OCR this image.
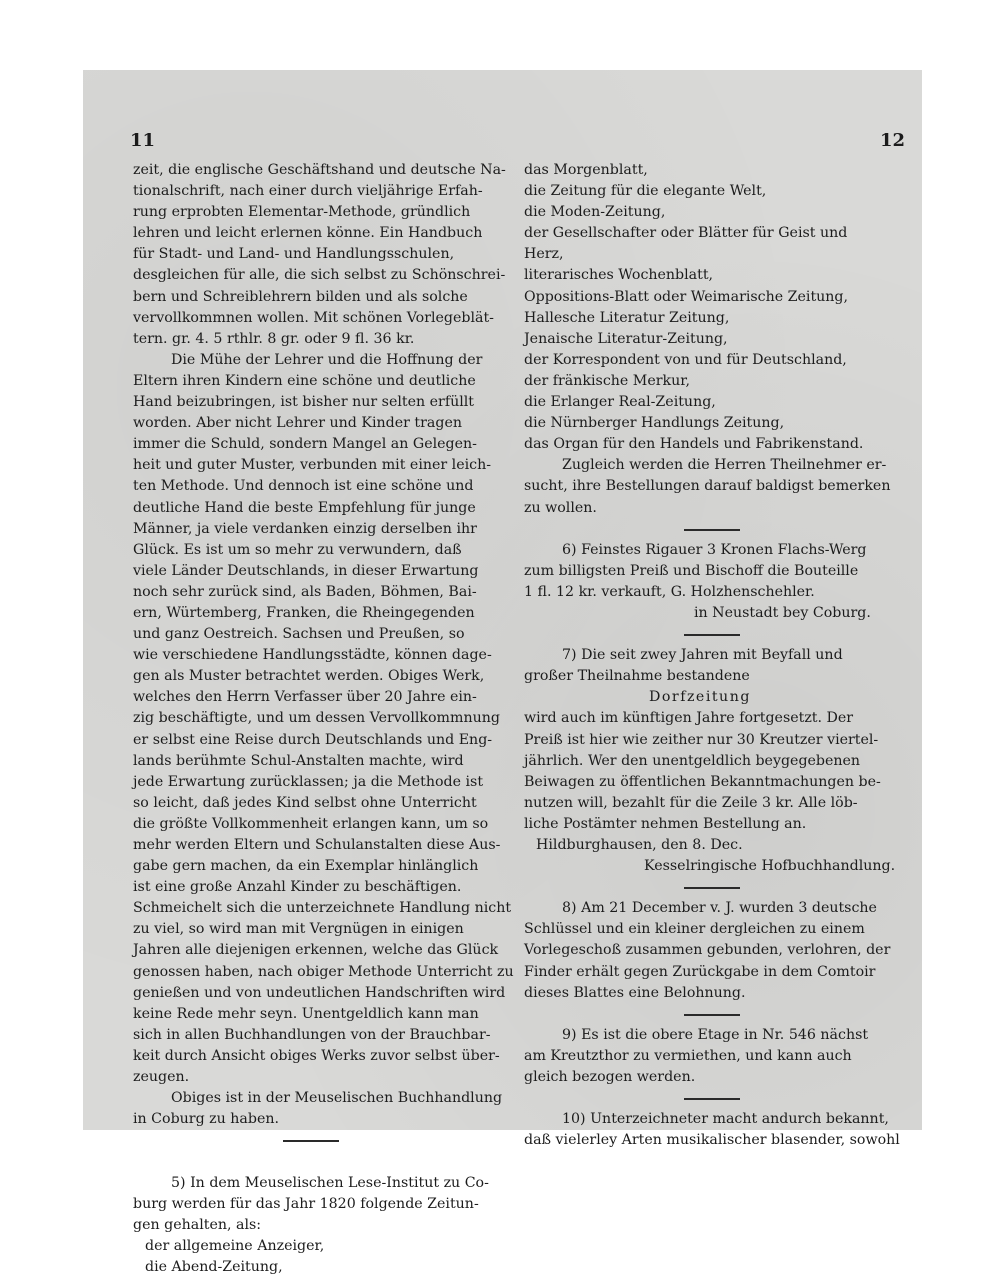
11	12
zeit, die englische Geschäftshand und deutsche Na-
tionalschrift, nach einer durch vieljährige Erfah-
rung erprobten Elementar-Methode, gründlich
lehren und leicht erlernen könne. Ein Handbuch
für Stadt- und Land- und Handlungsschulen,
desgleichen für alle, die sich selbst zu Schönschrei-
bern und Schreiblehrern bilden und als solche
vervollkommnen wollen. Mit schönen Vorlegeblät-
tern. gr. 4. 5 rthlr. 8 gr. oder 9 fl. 36 kr.
Die Mühe der Lehrer und die Hoffnung der
Eltern ihren Kindern eine schöne und deutliche
Hand beizubringen, ist bisher nur selten erfüllt
worden. Aber nicht Lehrer und Kinder tragen
immer die Schuld, sondern Mangel an Gelegen-
heit und guter Muster, verbunden mit einer leich-
ten Methode. Und dennoch ist eine schöne und
deutliche Hand die beste Empfehlung für junge
Männer, ja viele verdanken einzig derselben ihr
Glück. Es ist um so mehr zu verwundern, daß
viele Länder Deutschlands, in dieser Erwartung
noch sehr zurück sind, als Baden, Böhmen, Bai-
ern, Würtemberg, Franken, die Rheingegenden
und ganz Oestreich. Sachsen und Preußen, so
wie verschiedene Handlungsstädte, können dage-
gen als Muster betrachtet werden. Obiges Werk,
welches den Herrn Verfasser über 20 Jahre ein-
zig beschäftigte, und um dessen Vervollkommnung
er selbst eine Reise durch Deutschlands und Eng-
lands berühmte Schul-Anstalten machte, wird
jede Erwartung zurücklassen; ja die Methode ist
so leicht, daß jedes Kind selbst ohne Unterricht
die größte Vollkommenheit erlangen kann, um so
mehr werden Eltern und Schulanstalten diese Aus-
gabe gern machen, da ein Exemplar hinlänglich
ist eine große Anzahl Kinder zu beschäftigen.
Schmeichelt sich die unterzeichnete Handlung nicht
zu viel, so wird man mit Vergnügen in einigen
Jahren alle diejenigen erkennen, welche das Glück
genossen haben, nach obiger Methode Unterricht zu
genießen und von undeutlichen Handschriften wird
keine Rede mehr seyn. Unentgeldlich kann man
sich in allen Buchhandlungen von der Brauchbar-
keit durch Ansicht obiges Werks zuvor selbst über-
zeugen.
Obiges ist in der Meuselischen Buchhandlung
in Coburg zu haben.
5) In dem Meuselischen Lese-Institut zu Co-
burg werden für das Jahr 1820 folgende Zeitun-
gen gehalten, als:
der allgemeine Anzeiger,
die Abend-Zeitung,
das Morgenblatt,
die Zeitung für die elegante Welt,
die Moden-Zeitung,
der Gesellschafter oder Blätter für Geist und
Herz,
literarisches Wochenblatt,
Oppositions-Blatt oder Weimarische Zeitung,
Hallesche Literatur Zeitung,
Jenaische Literatur-Zeitung,
der Korrespondent von und für Deutschland,
der fränkische Merkur,
die Erlanger Real-Zeitung,
die Nürnberger Handlungs Zeitung,
das Organ für den Handels und Fabrikenstand.
Zugleich werden die Herren Theilnehmer er-
sucht, ihre Bestellungen darauf baldigst bemerken
zu wollen.
6) Feinstes Rigauer 3 Kronen Flachs-Werg
zum billigsten Preiß und Bischoff die Bouteille
1 fl. 12 kr. verkauft, G. Holzhenschehler.
in Neustadt bey Coburg.
7) Die seit zwey Jahren mit Beyfall und
großer Theilnahme bestandene
Dorfzeitung
wird auch im künftigen Jahre fortgesetzt. Der
Preiß ist hier wie zeither nur 30 Kreutzer viertel-
jährlich. Wer den unentgeldlich beygegebenen
Beiwagen zu öffentlichen Bekanntmachungen be-
nutzen will, bezahlt für die Zeile 3 kr. Alle löb-
liche Postämter nehmen Bestellung an.
Hildburghausen, den 8. Dec.
Kesselringische Hofbuchhandlung.
8) Am 21 December v. J. wurden 3 deutsche
Schlüssel und ein kleiner dergleichen zu einem
Vorlegeschoß zusammen gebunden, verlohren, der
Finder erhält gegen Zurückgabe in dem Comtoir
dieses Blattes eine Belohnung.
9) Es ist die obere Etage in Nr. 546 nächst
am Kreutzthor zu vermiethen, und kann auch
gleich bezogen werden.
10) Unterzeichneter macht andurch bekannt,
daß vielerley Arten musikalischer blasender, sowohl
